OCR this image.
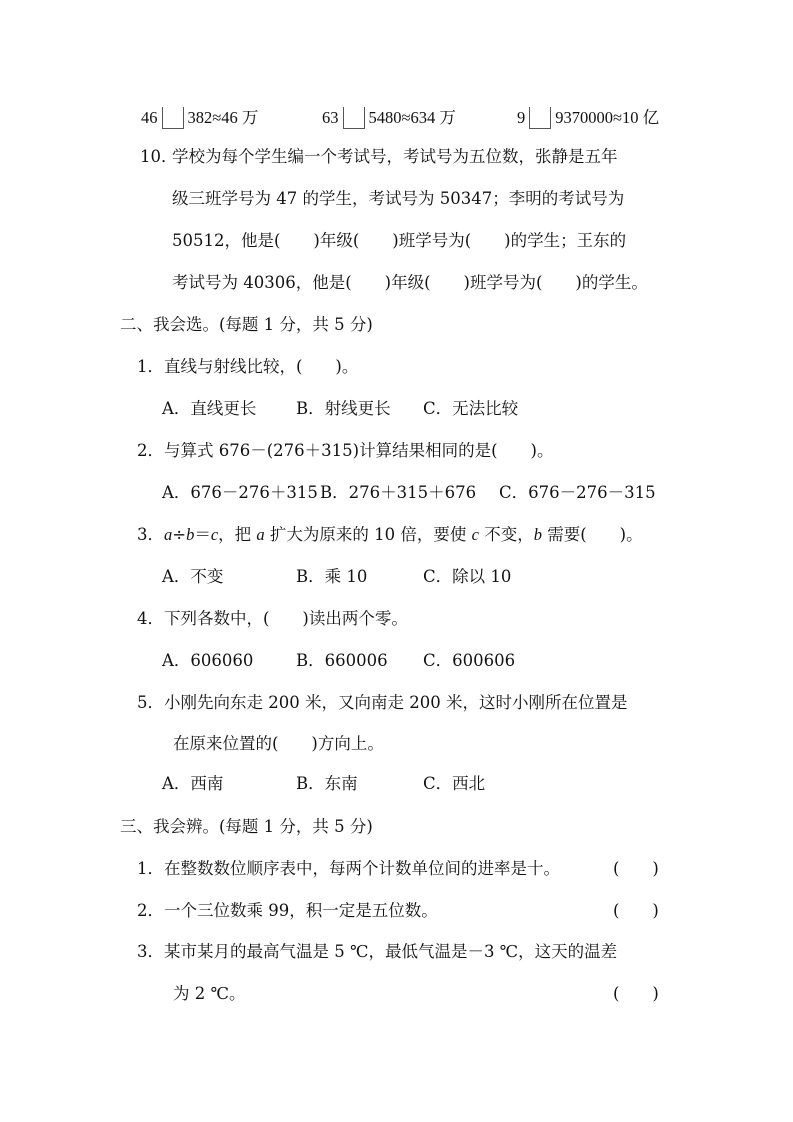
46 382≈46 万	63 5480≈634 万	9 9370000≈10 亿
10．
学校为每个学生编一个考试号，考试号为五位数，张静是五年
级三班学号为 47 的学生，考试号为 50347；李明的考试号为
50512，他是(　　)年级(　　)班学号为(　　)的学生；王东的
考试号为 40306，他是(　　)年级(　　)班学号为(　　)的学生。
二、我会选。(每题 1 分，共 5 分)
1．直线与射线比较，(　　)。
A．直线更长 B．射线更长 C．无法比较
2．与算式 676－(276＋315)计算结果相同的是(　　)。
A．676－276＋315 B．276＋315＋676 C．676－276－315
3．a÷b＝c，把 a 扩大为原来的 10 倍，要使 c 不变，b 需要(　　)。
A．不变	B．乘 10	C．除以 10
4．下列各数中，(　　)读出两个零。
A．606060	B．660006 C．600606
5．小刚先向东走 200 米，又向南走 200 米，这时小刚所在位置是
在原来位置的(　　)方向上。
A．西南	B．东南	C．西北
三、我会辨。(每题 1 分，共 5 分)
1．在整数数位顺序表中，每两个计数单位间的进率是十。	(　　)
2．一个三位数乘 99，积一定是五位数。	(　　)
3．某市某月的最高气温是 5 ℃，最低气温是－3 ℃，这天的温差
为 2 ℃。	(　　)
